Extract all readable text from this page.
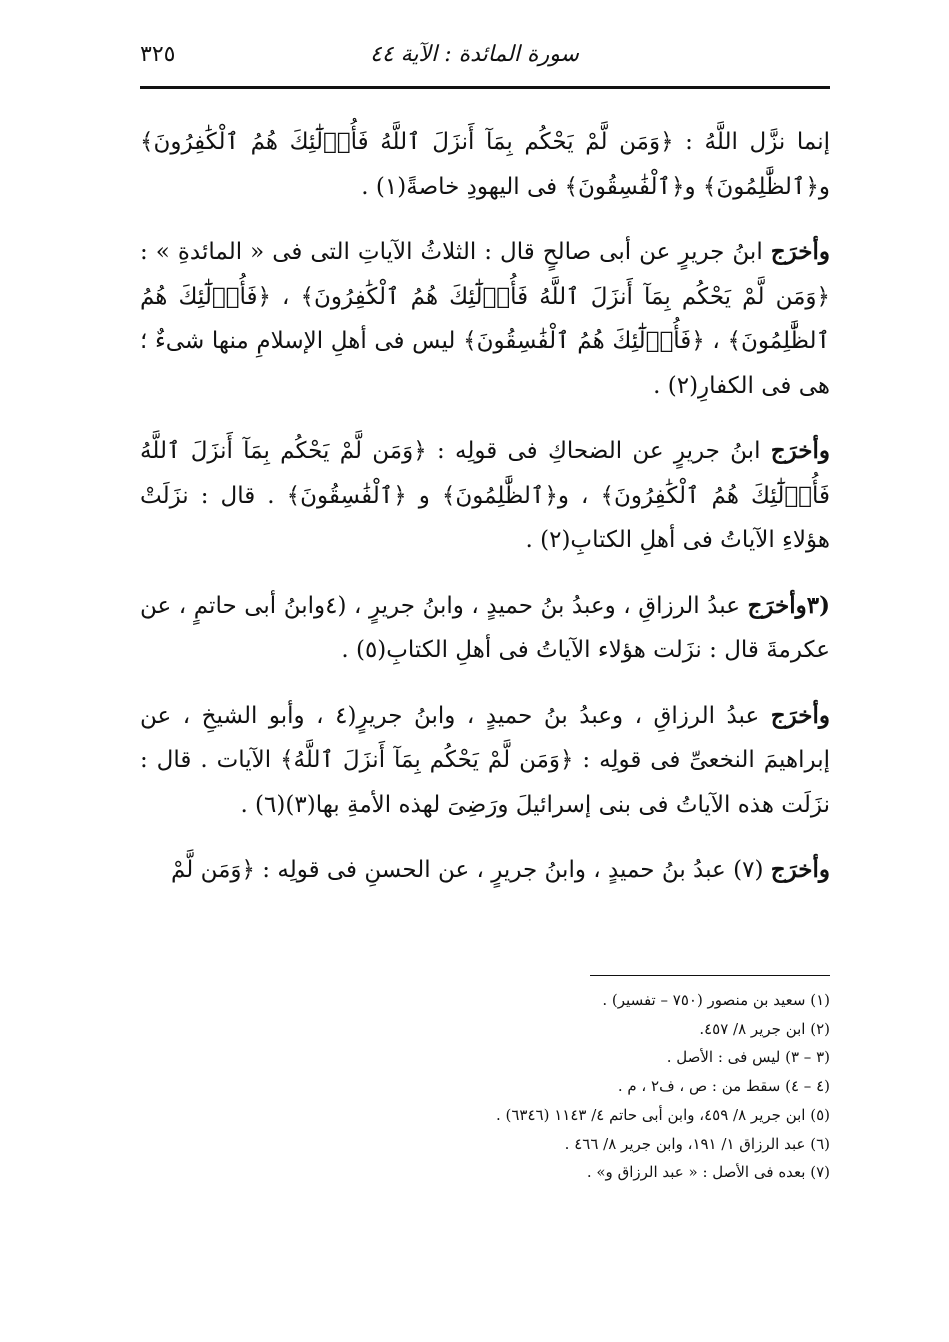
٣٢٥	سورة المائدة : الآية ٤٤

إنما نزَّل اللَّهُ : ﴿وَمَن لَّمْ يَحْكُم بِمَآ أَنزَلَ ٱللَّهُ فَأُو۟لَٰٓئِكَ هُمُ ٱلْكَٰفِرُونَ﴾ و﴿ٱلظَّٰلِمُونَ﴾ و﴿ٱلْفَٰسِقُونَ﴾ فى اليهودِ خاصةً(١) .

وأخرَج ابنُ جريرٍ عن أبى صالحٍ قال : الثلاثُ الآياتِ التى فى « المائدةِ » : ﴿وَمَن لَّمْ يَحْكُم بِمَآ أَنزَلَ ٱللَّهُ فَأُو۟لَٰٓئِكَ هُمُ ٱلْكَٰفِرُونَ﴾ ، ﴿فَأُو۟لَٰٓئِكَ هُمُ ٱلظَّٰلِمُونَ﴾ ، ﴿فَأُو۟لَٰٓئِكَ هُمُ ٱلْفَٰسِقُونَ﴾ ليس فى أهلِ الإسلامِ منها شىءٌ ؛ هى فى الكفارِ(٢) .

وأخرَج ابنُ جريرٍ عن الضحاكِ فى قولِه : ﴿وَمَن لَّمْ يَحْكُم بِمَآ أَنزَلَ ٱللَّهُ فَأُو۟لَٰٓئِكَ هُمُ ٱلْكَٰفِرُونَ﴾ ، و﴿ٱلظَّٰلِمُونَ﴾ و ﴿ٱلْفَٰسِقُونَ﴾ . قال : نزَلَتْ هؤلاءِ الآياتُ فى أهلِ الكتابِ(٢) .

(٣وأخرَج عبدُ الرزاقِ ، وعبدُ بنُ حميدٍ ، وابنُ جريرٍ ، (٤وابنُ أبى حاتمٍ ، عن عكرمةَ قال : نزَلت هؤلاء الآياتُ فى أهلِ الكتابِ(٥) .

وأخرَج عبدُ الرزاقِ ، وعبدُ بنُ حميدٍ ، وابنُ جريرٍ(٤ ، وأبو الشيخِ ، عن إبراهيمَ النخعىِّ فى قولِه : ﴿وَمَن لَّمْ يَحْكُم بِمَآ أَنزَلَ ٱللَّهُ﴾ الآيات . قال : نزَلَت هذه الآياتُ فى بنى إسرائيلَ ورَضِىَ لهذه الأمةِ بها(٣)(٦) .

وأخرَج (٧) عبدُ بنُ حميدٍ ، وابنُ جريرٍ ، عن الحسنِ فى قولِه : ﴿وَمَن لَّمْ

(١) سعيد بن منصور (٧٥٠ – تفسير) .

(٢) ابن جرير ٨/ ٤٥٧.

(٣ – ٣) ليس فى : الأصل .

(٤ – ٤) سقط من : ص ، ف٢ ، م .

(٥) ابن جرير ٨/ ٤٥٩، وابن أبى حاتم ٤/ ١١٤٣ (٦٣٤٦) .

(٦) عبد الرزاق ١/ ١٩١، وابن جرير ٨/ ٤٦٦ .

(٧) بعده فى الأصل : « عبد الرزاق و» .
